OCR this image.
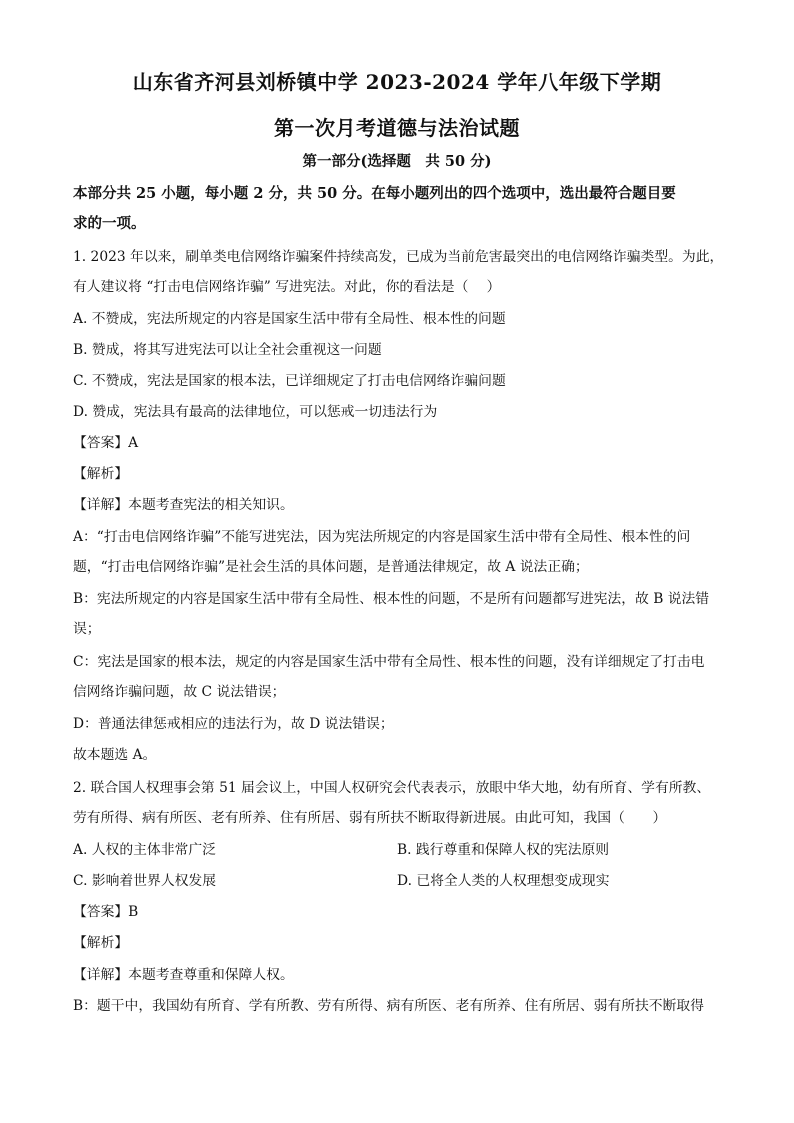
山东省齐河县刘桥镇中学 2023-2024 学年八年级下学期
第一次月考道德与法治试题
第一部分(选择题　共 50 分)
本部分共 25 小题，每小题 2 分，共 50 分。在每小题列出的四个选项中，选出最符合题目要
求的一项。
1. 2023 年以来，刷单类电信网络诈骗案件持续高发，已成为当前危害最突出的电信网络诈骗类型。为此，
有人建议将 “打击电信网络诈骗” 写进宪法。对此，你的看法是（　 ）
A. 不赞成，宪法所规定的内容是国家生活中带有全局性、根本性的问题
B. 赞成，将其写进宪法可以让全社会重视这一问题
C. 不赞成，宪法是国家的根本法，已详细规定了打击电信网络诈骗问题
D. 赞成，宪法具有最高的法律地位，可以惩戒一切违法行为
【答案】A
【解析】
【详解】本题考查宪法的相关知识。
A：“打击电信网络诈骗”不能写进宪法，因为宪法所规定的内容是国家生活中带有全局性、根本性的问
题，“打击电信网络诈骗”是社会生活的具体问题，是普通法律规定，故 A 说法正确；
B：宪法所规定的内容是国家生活中带有全局性、根本性的问题，不是所有问题都写进宪法，故 B 说法错
误；
C：宪法是国家的根本法，规定的内容是国家生活中带有全局性、根本性的问题，没有详细规定了打击电
信网络诈骗问题，故 C 说法错误；
D：普通法律惩戒相应的违法行为，故 D 说法错误；
故本题选 A。
2. 联合国人权理事会第 51 届会议上，中国人权研究会代表表示，放眼中华大地，幼有所育、学有所教、
劳有所得、病有所医、老有所养、住有所居、弱有所扶不断取得新进展。由此可知，我国（　　）
A. 人权的主体非常广泛	B. 践行尊重和保障人权的宪法原则
C. 影响着世界人权发展	D. 已将全人类的人权理想变成现实
【答案】B
【解析】
【详解】本题考查尊重和保障人权。
B：题干中，我国幼有所育、学有所教、劳有所得、病有所医、老有所养、住有所居、弱有所扶不断取得
